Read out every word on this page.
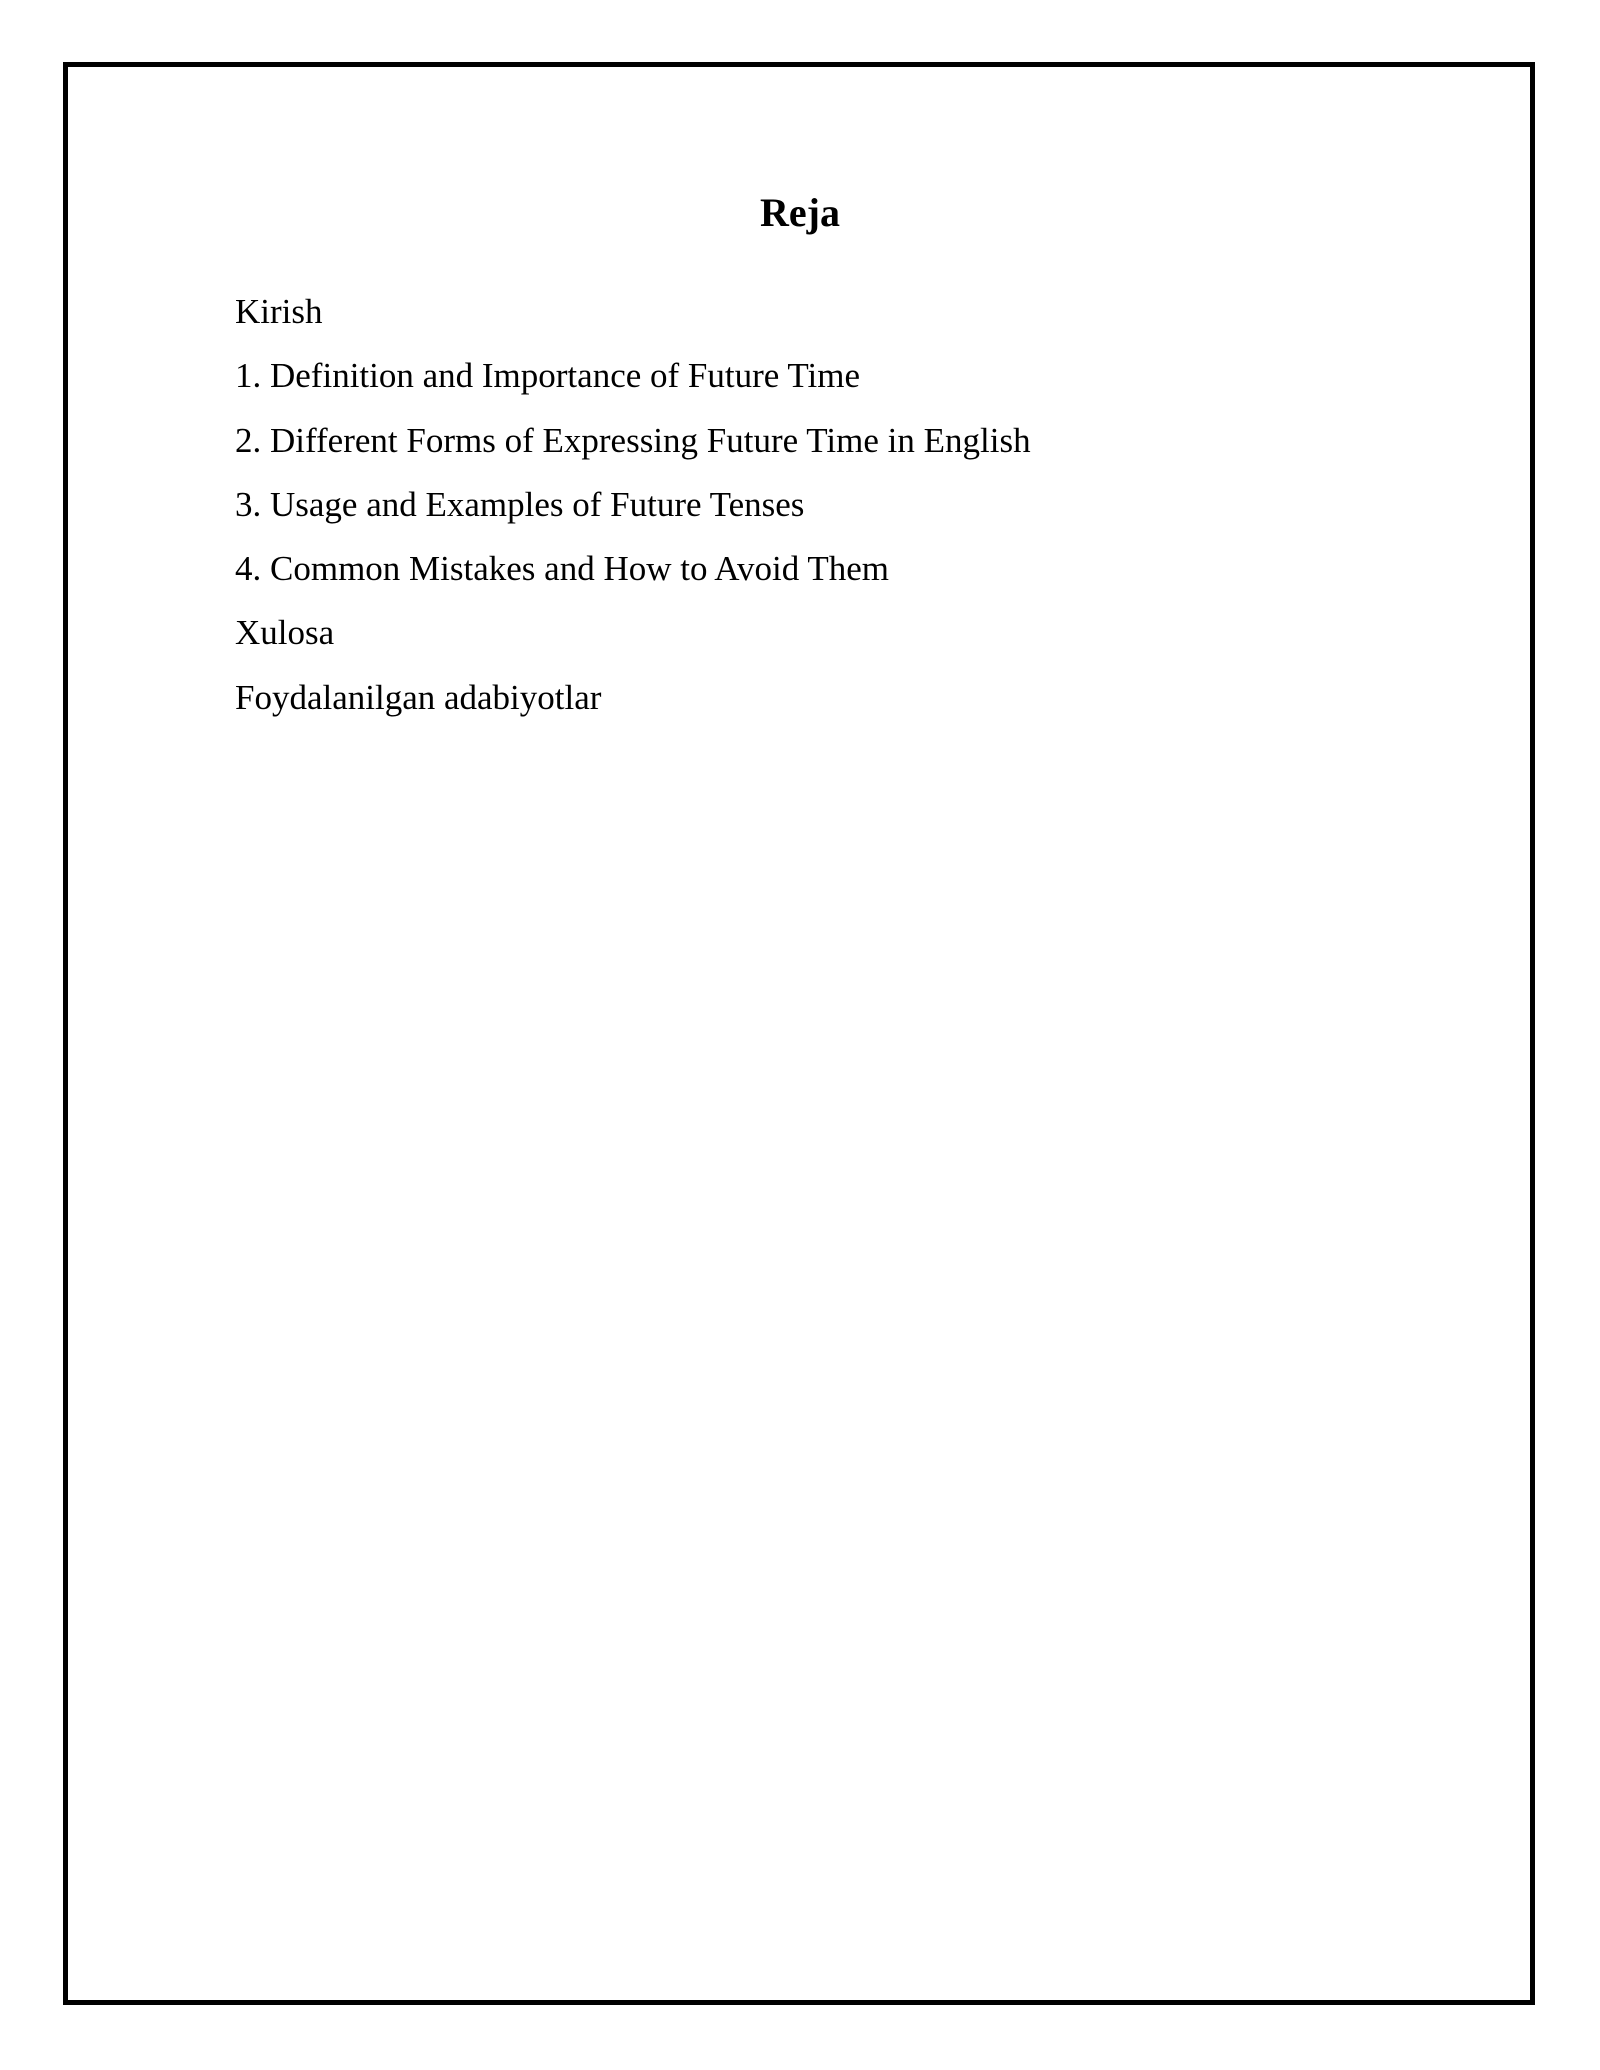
Reja
Kirish
1. Definition and Importance of Future Time
2. Different Forms of Expressing Future Time in English
3. Usage and Examples of Future Tenses
4. Common Mistakes and How to Avoid Them
Xulosa
Foydalanilgan adabiyotlar
